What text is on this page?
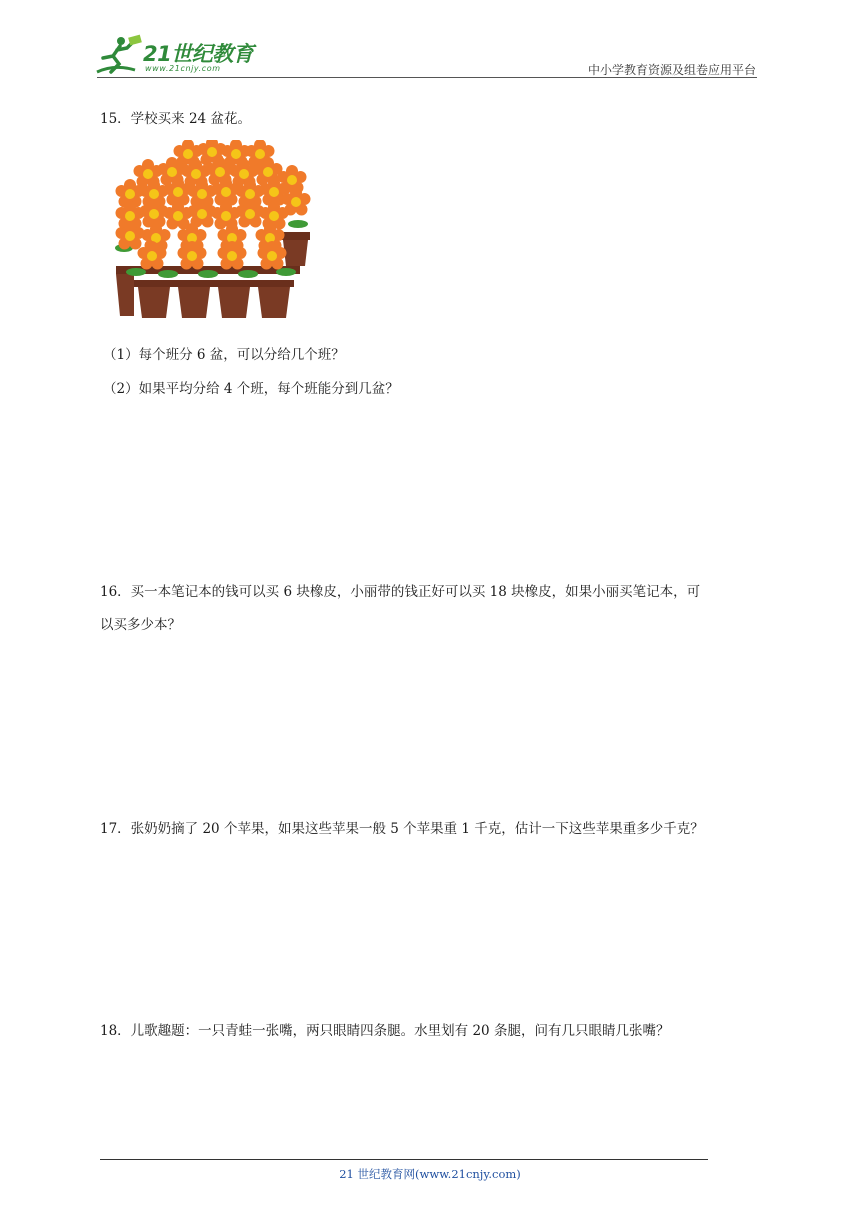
21世纪教育
www.21cnjy.com	中小学教育资源及组卷应用平台
15．学校买来 24 盆花。
（1）每个班分 6 盆，可以分给几个班？
（2）如果平均分给 4 个班，每个班能分到几盆？
16．买一本笔记本的钱可以买 6 块橡皮，小丽带的钱正好可以买 18 块橡皮，如果小丽买笔记本，可
以买多少本？
17．张奶奶摘了 20 个苹果，如果这些苹果一般 5 个苹果重 1 千克，估计一下这些苹果重多少千克？
18．儿歌趣题：一只青蛙一张嘴，两只眼睛四条腿。水里划有 20 条腿，问有几只眼睛几张嘴？
21 世纪教育网(www.21cnjy.com)
